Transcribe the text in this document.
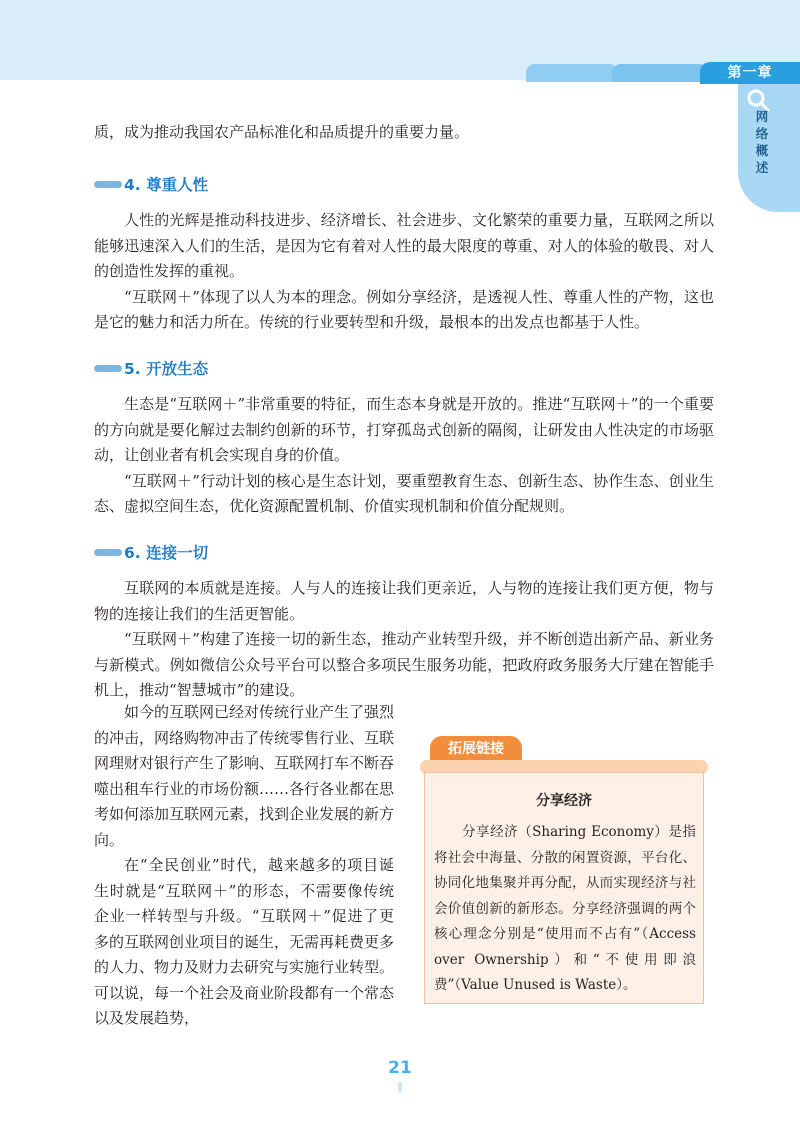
第一章
网
络
概
述

质，成为推动我国农产品标准化和品质提升的重要力量。

4. 尊重人性

人性的光辉是推动科技进步、经济增长、社会进步、文化繁荣的重要力量，互联网之所以能够迅速深入人们的生活，是因为它有着对人性的最大限度的尊重、对人的体验的敬畏、对人的创造性发挥的重视。

“互联网＋”体现了以人为本的理念。例如分享经济，是透视人性、尊重人性的产物，这也是它的魅力和活力所在。传统的行业要转型和升级，最根本的出发点也都基于人性。

5. 开放生态

生态是“互联网＋”非常重要的特征，而生态本身就是开放的。推进“互联网＋”的一个重要的方向就是要化解过去制约创新的环节，打穿孤岛式创新的隔阂，让研发由人性决定的市场驱动，让创业者有机会实现自身的价值。

“互联网＋”行动计划的核心是生态计划，要重塑教育生态、创新生态、协作生态、创业生态、虚拟空间生态，优化资源配置机制、价值实现机制和价值分配规则。

6. 连接一切

互联网的本质就是连接。人与人的连接让我们更亲近，人与物的连接让我们更方便，物与物的连接让我们的生活更智能。

“互联网＋”构建了连接一切的新生态，推动产业转型升级，并不断创造出新产品、新业务与新模式。例如微信公众号平台可以整合多项民生服务功能，把政府政务服务大厅建在智能手机上，推动“智慧城市”的建设。

如今的互联网已经对传统行业产生了强烈的冲击，网络购物冲击了传统零售行业、互联网理财对银行产生了影响、互联网打车不断吞噬出租车行业的市场份额……各行各业都在思考如何添加互联网元素，找到企业发展的新方向。

在“全民创业”时代，越来越多的项目诞生时就是“互联网＋”的形态，不需要像传统企业一样转型与升级。“互联网＋”促进了更多的互联网创业项目的诞生，无需再耗费更多的人力、物力及财力去研究与实施行业转型。可以说，每一个社会及商业阶段都有一个常态以及发展趋势，

拓展链接
分享经济

分享经济（Sharing Economy）是指将社会中海量、分散的闲置资源，平台化、协同化地集聚并再分配，从而实现经济与社会价值创新的新形态。分享经济强调的两个核心理念分别是“使用而不占有”（Access over Ownership）和“不使用即浪费”（Value Unused is Waste）。

21
